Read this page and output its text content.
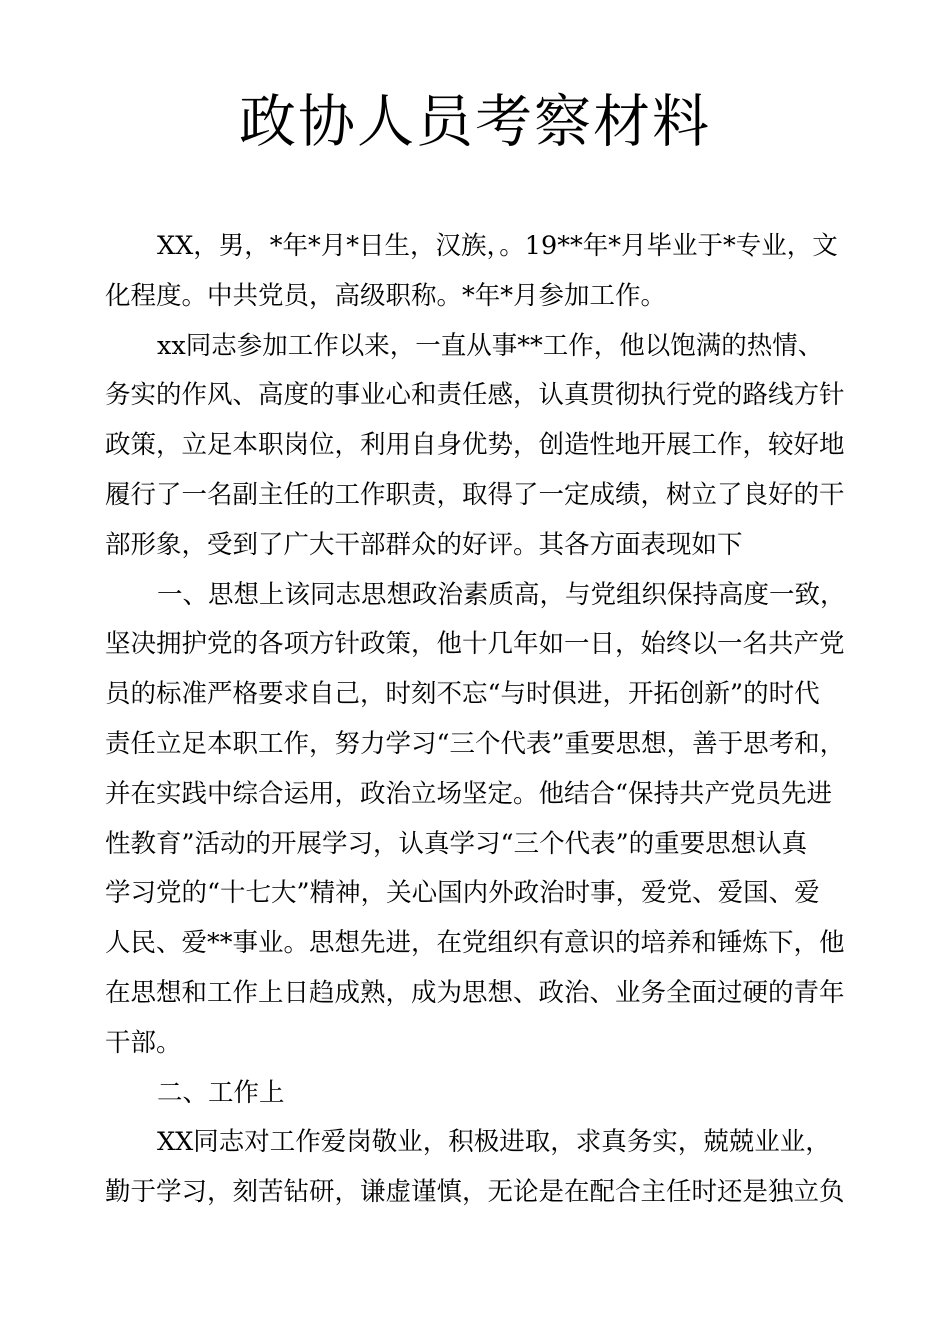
政协人员考察材料
XX，男，*年*月*日生，汉族，。19**年*月毕业于*专业，文
化程度。中共党员，高级职称。*年*月参加工作。
xx同志参加工作以来，一直从事**工作，他以饱满的热情、
务实的作风、高度的事业心和责任感，认真贯彻执行党的路线方针
政策，立足本职岗位，利用自身优势，创造性地开展工作，较好地
履行了一名副主任的工作职责，取得了一定成绩，树立了良好的干
部形象，受到了广大干部群众的好评。其各方面表现如下
一、思想上该同志思想政治素质高，与党组织保持高度一致，
坚决拥护党的各项方针政策，他十几年如一日，始终以一名共产党
员的标准严格要求自己，时刻不忘“与时俱进，开拓创新”的时代
责任立足本职工作，努力学习“三个代表”重要思想，善于思考和，
并在实践中综合运用，政治立场坚定。他结合“保持共产党员先进
性教育”活动的开展学习，认真学习“三个代表”的重要思想认真
学习党的“十七大”精神，关心国内外政治时事，爱党、爱国、爱
人民、爱**事业。思想先进，在党组织有意识的培养和锤炼下，他
在思想和工作上日趋成熟，成为思想、政治、业务全面过硬的青年
干部。
二、工作上
XX同志对工作爱岗敬业，积极进取，求真务实，兢兢业业，
勤于学习，刻苦钻研，谦虚谨慎，无论是在配合主任时还是独立负
